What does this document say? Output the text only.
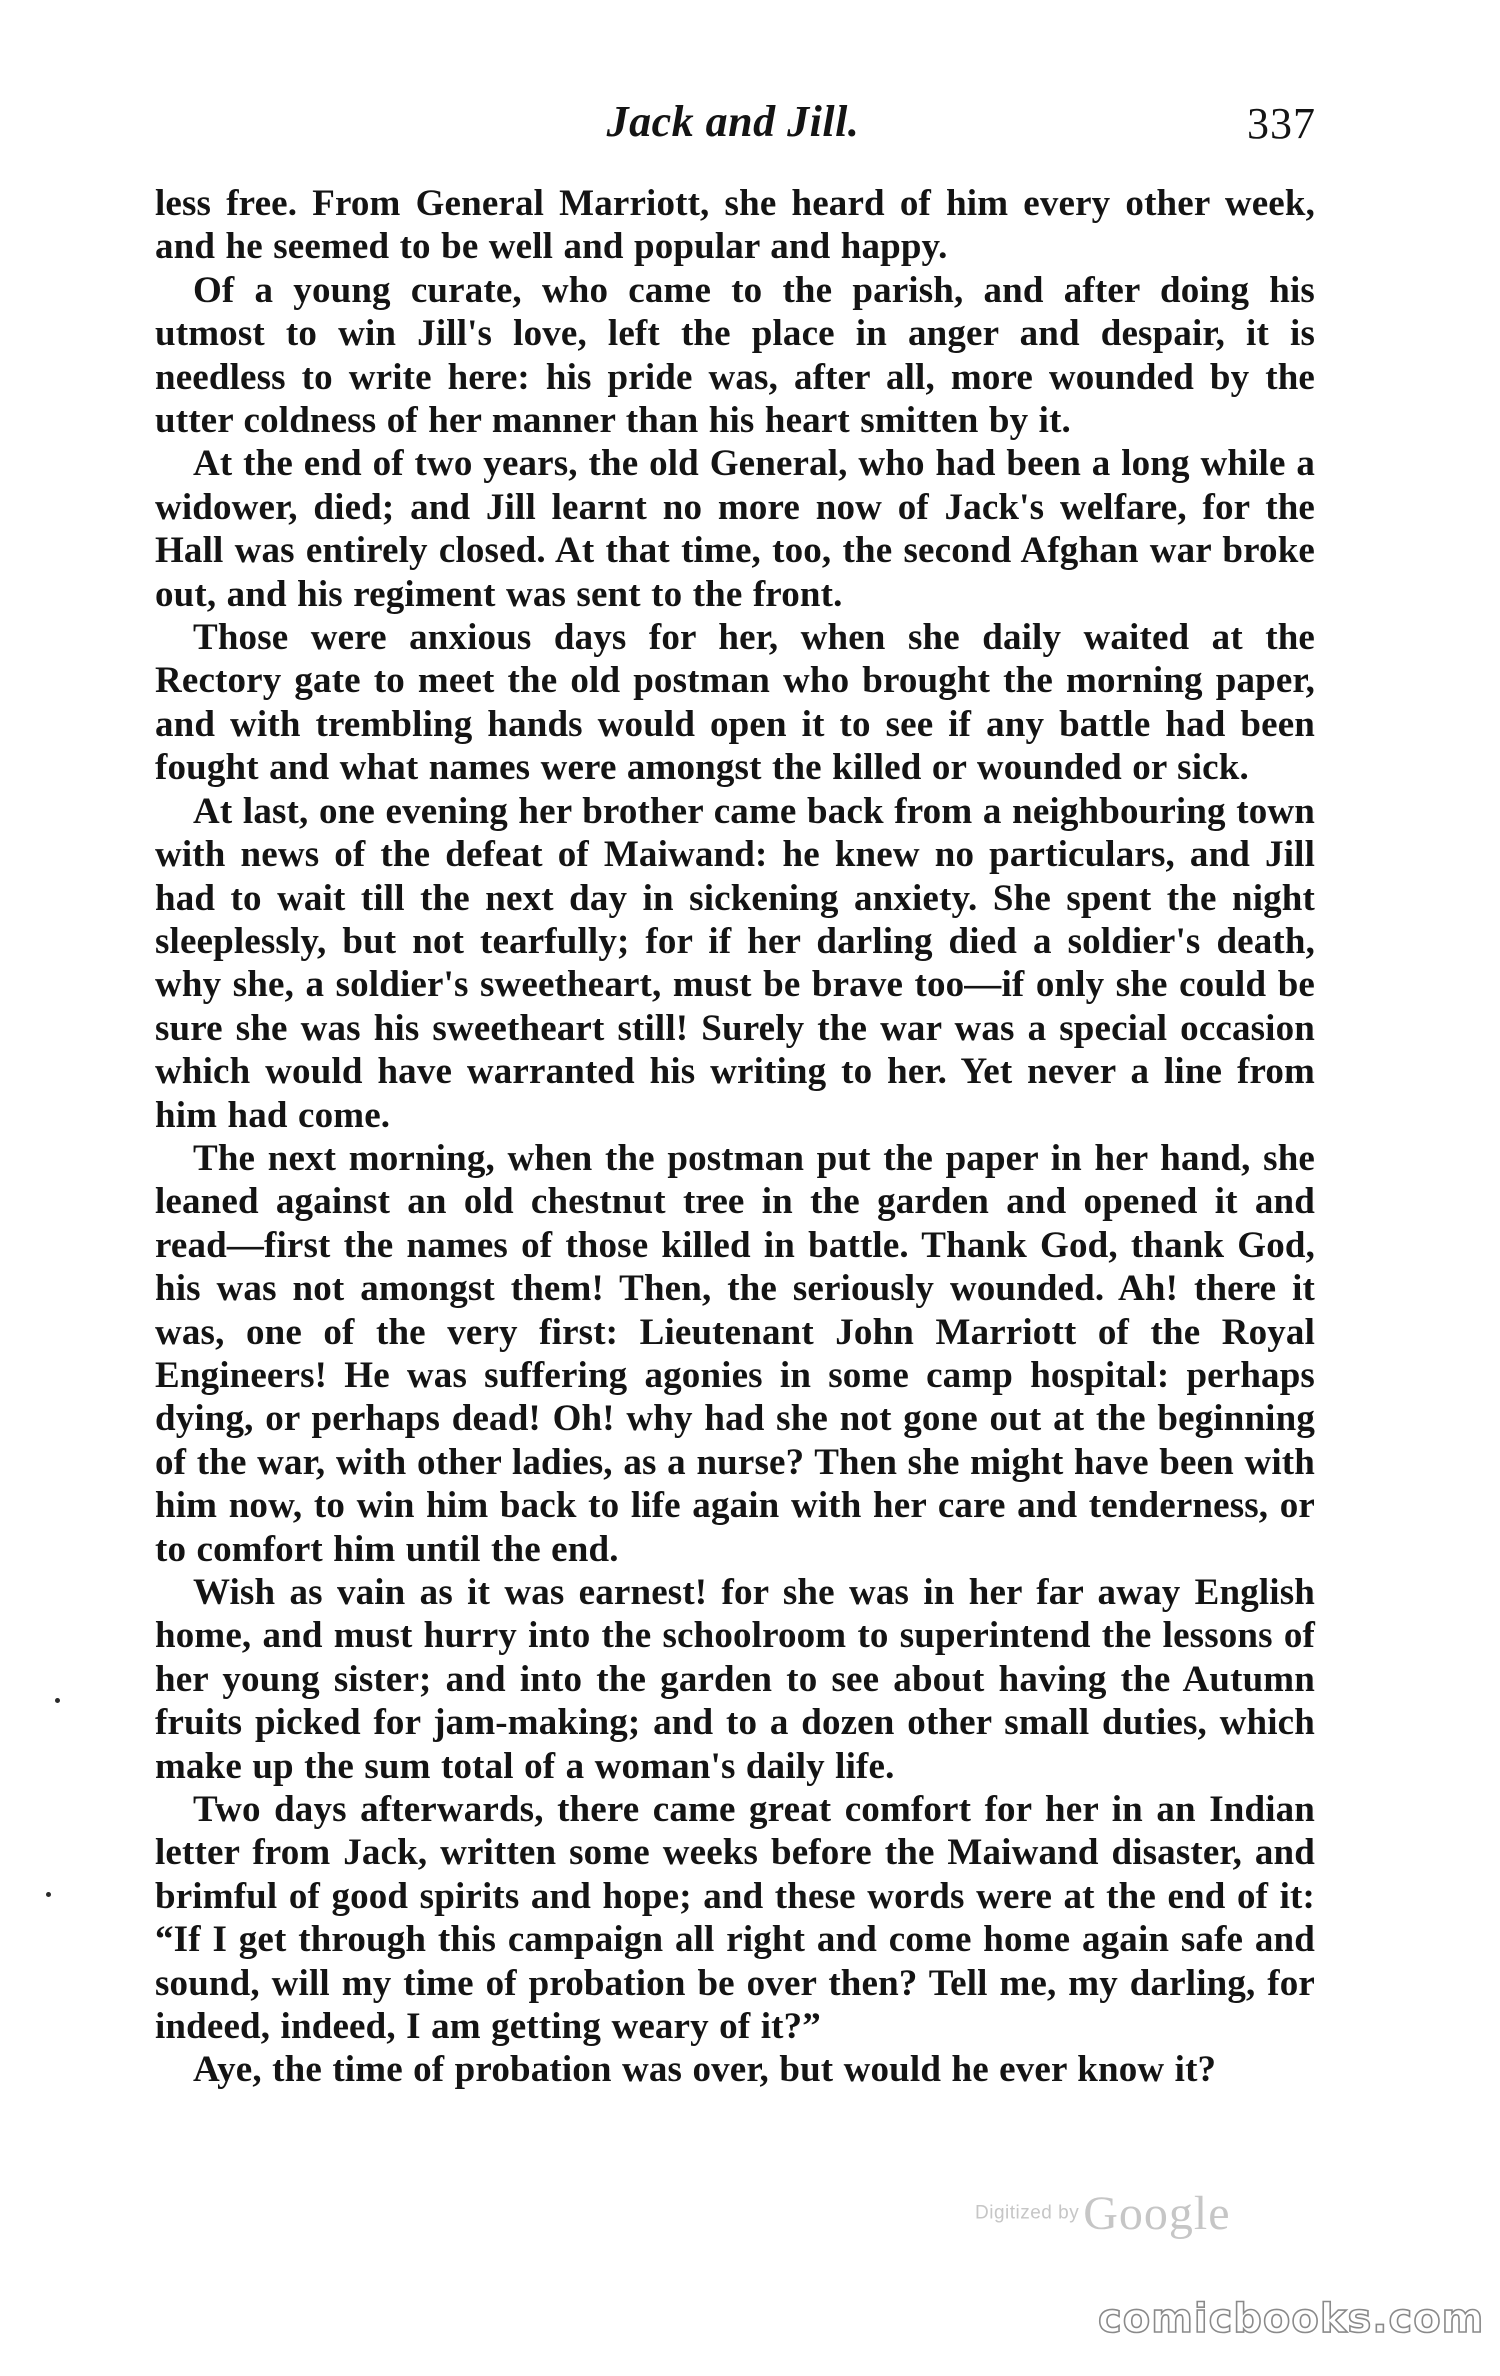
Jack and Jill.	337

less free. From General Marriott, she heard of him every other week, and he seemed to be well and popular and happy.

Of a young curate, who came to the parish, and after doing his utmost to win Jill's love, left the place in anger and despair, it is needless to write here: his pride was, after all, more wounded by the utter coldness of her manner than his heart smitten by it.

At the end of two years, the old General, who had been a long while a widower, died; and Jill learnt no more now of Jack's welfare, for the Hall was entirely closed. At that time, too, the second Afghan war broke out, and his regiment was sent to the front.

Those were anxious days for her, when she daily waited at the Rectory gate to meet the old postman who brought the morning paper, and with trembling hands would open it to see if any battle had been fought and what names were amongst the killed or wounded or sick.

At last, one evening her brother came back from a neighbouring town with news of the defeat of Maiwand: he knew no particulars, and Jill had to wait till the next day in sickening anxiety. She spent the night sleeplessly, but not tearfully; for if her darling died a soldier's death, why she, a soldier's sweetheart, must be brave too—if only she could be sure she was his sweetheart still! Surely the war was a special occasion which would have warranted his writing to her. Yet never a line from him had come.

The next morning, when the postman put the paper in her hand, she leaned against an old chestnut tree in the garden and opened it and read—first the names of those killed in battle. Thank God, thank God, his was not amongst them! Then, the seriously wounded. Ah! there it was, one of the very first: Lieutenant John Marriott of the Royal Engineers! He was suffering agonies in some camp hospital: perhaps dying, or perhaps dead! Oh! why had she not gone out at the beginning of the war, with other ladies, as a nurse? Then she might have been with him now, to win him back to life again with her care and tenderness, or to comfort him until the end.

Wish as vain as it was earnest! for she was in her far away English home, and must hurry into the schoolroom to superintend the lessons of her young sister; and into the garden to see about having the Autumn fruits picked for jam-making; and to a dozen other small duties, which make up the sum total of a woman's daily life.

Two days afterwards, there came great comfort for her in an Indian letter from Jack, written some weeks before the Maiwand disaster, and brimful of good spirits and hope; and these words were at the end of it: “If I get through this campaign all right and come home again safe and sound, will my time of probation be over then? Tell me, my darling, for indeed, indeed, I am getting weary of it?”

Aye, the time of probation was over, but would he ever know it?

Digitized by Google
comicbooks.com
